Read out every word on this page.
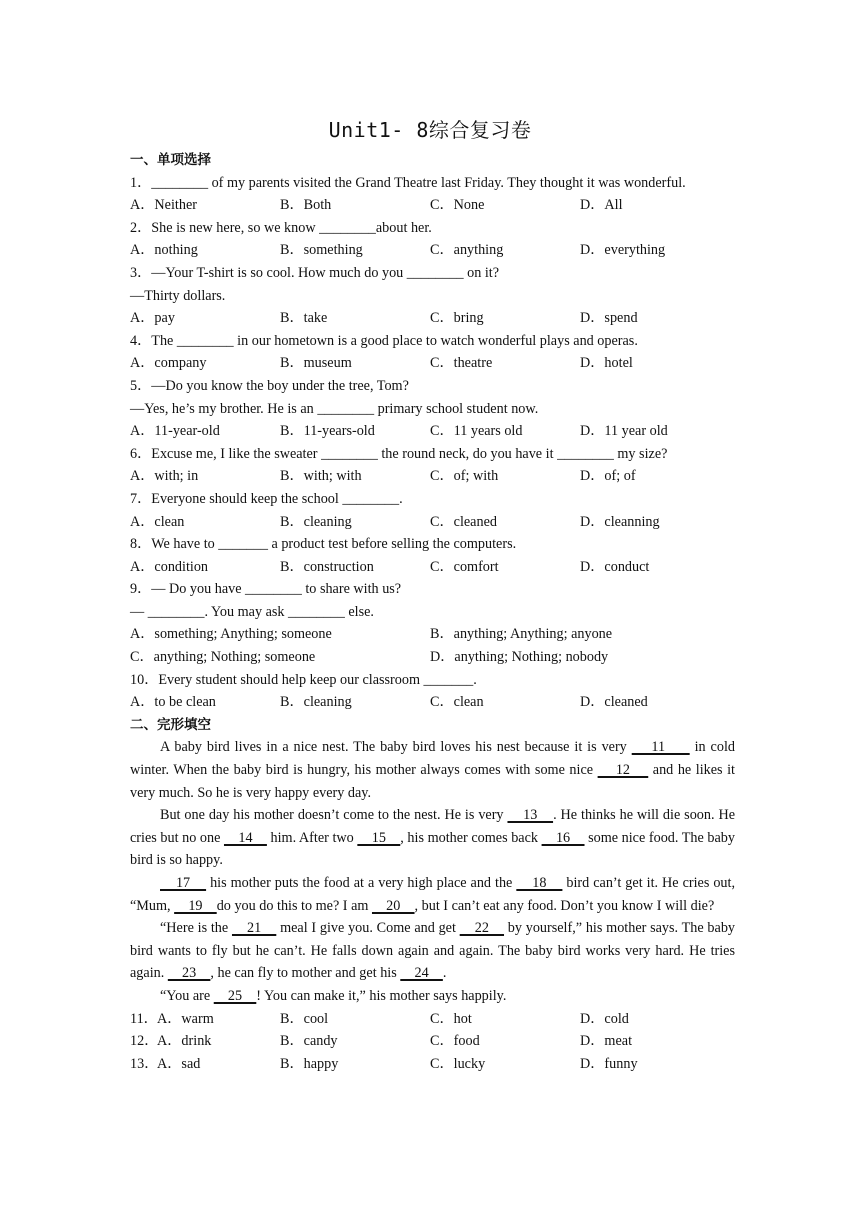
Unit1- 8综合复习卷
一、单项选择
1．________ of my parents visited the Grand Theatre last Friday. They thought it was wonderful.
A．Neither	B．Both	C．None	D．All
2．She is new here, so we know ________about her.
A．nothing	B．something	C．anything	D．everything
3．—Your T-shirt is so cool. How much do you ________ on it?
—Thirty dollars.
A．pay	B．take	C．bring	D．spend
4．The ________ in our hometown is a good place to watch wonderful plays and operas.
A．company	B．museum	C．theatre	D．hotel
5．—Do you know the boy under the tree, Tom?
—Yes, he’s my brother. He is an ________ primary school student now.
A．11-year-old	B．11-years-old	C．11 years old	D．11 year old
6．Excuse me, I like the sweater ________ the round neck, do you have it ________ my size?
A．with; in	B．with; with	C．of; with	D．of; of
7．Everyone should keep the school ________.
A．clean	B．cleaning	C．cleaned	D．cleanning
8．We have to _______ a product test before selling the computers.
A．condition	B．construction	C．comfort	D．conduct
9．— Do you have ________ to share with us?
— ________. You may ask ________ else.
A．something; Anything; someone	B．anything; Anything; anyone
C．anything; Nothing; someone	D．anything; Nothing; nobody
10．Every student should help keep our classroom _______.
A．to be clean	B．cleaning	C．clean	D．cleaned
二、完形填空

A baby bird lives in a nice nest. The baby bird loves his nest because it is very     11      in cold winter. When the baby bird is hungry, his mother always comes with some nice     12     and he likes it very much. So he is very happy every day.

But one day his mother doesn’t come to the nest. He is very     13    . He thinks he will die soon. He cries but no one     14     him. After two     15    , his mother comes back     16     some nice food. The baby bird is so happy.

17     his mother puts the food at a very high place and the     18     bird can’t get it. He cries out, “Mum,     19    do you do this to me? I am     20    , but I can’t eat any food. Don’t you know I will die?

“Here is the     21     meal I give you. Come and get     22     by yourself,” his mother says. The baby bird wants to fly but he can’t. He falls down again and again. The baby bird works very hard. He tries again.     23    , he can fly to mother and get his     24    .

“You are     25    ! You can make it,” his mother says happily.

11．A．warm	B．cool	C．hot	D．cold
12．A．drink	B．candy	C．food	D．meat
13．A．sad	B．happy	C．lucky	D．funny
